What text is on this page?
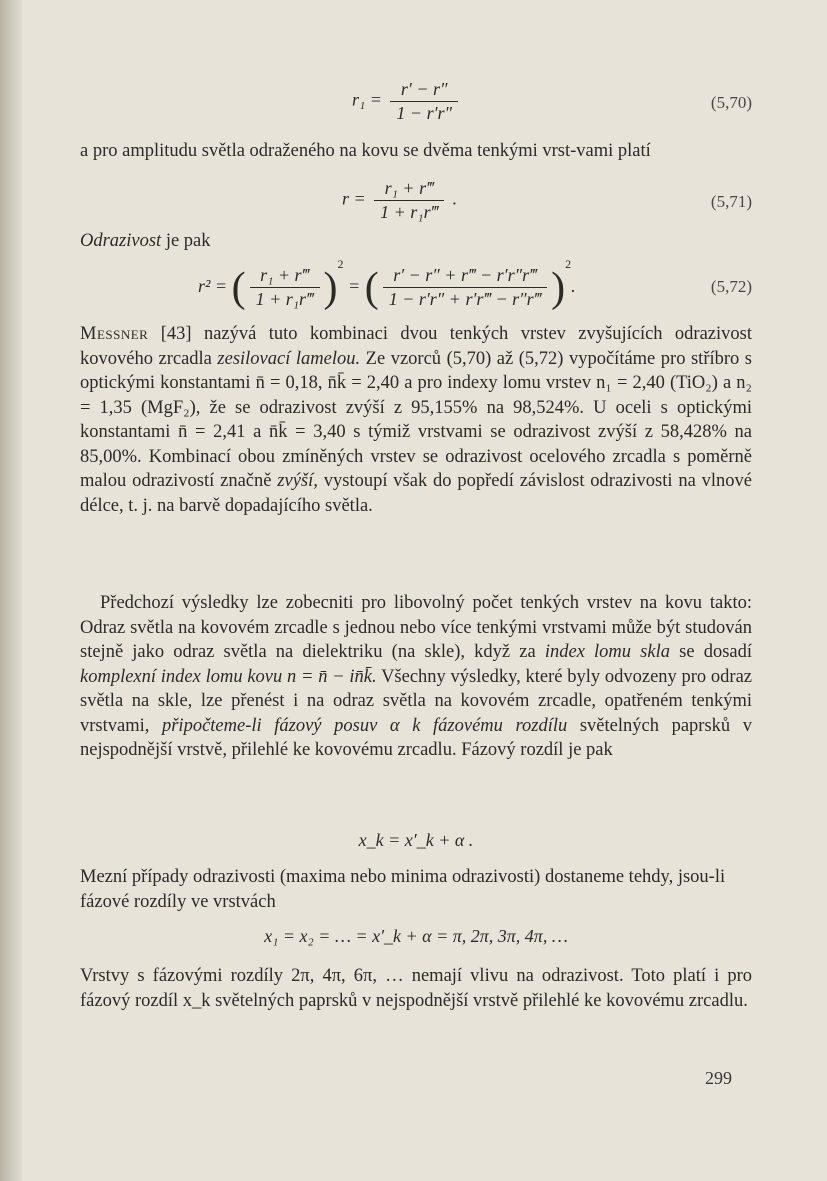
$r_1 = \frac{r' - r''}{1 - r'r''}$	(5,70)
a pro amplitudu světla odraženého na kovu se dvěma tenkými vrst-vami platí
$r = \frac{\text{r₁ + r‴}}{\text{1 + r₁r‴}}$ .	(5,71)
Odrazivost je pak
r² = ( $\frac{\text{r₁ + r‴}}{\text{1 + r₁r‴}} )^2$ = ( $\frac{r' - r'' + r‴ - r'r''r‴}{1 - r'r'' + r'r‴ - r''r‴} )^2$.	(5,72)
Messner [43] nazývá tuto kombinaci dvou tenkých vrstev zvyšujících odrazivost kovového zrcadla zesilovací lamelou. Ze vzorců (5,70) až (5,72) vypočítáme pro stříbro s optickými konstantami n̄ = 0,18, n̄k̄ = 2,40 a pro indexy lomu vrstev n₁ = 2,40 (TiO₂) a n₂ = 1,35 (MgF₂), že se odrazivost zvýší z 95,155% na 98,524%. U oceli s optickými konstantami n̄ = 2,41 a n̄k̄ = 3,40 s týmiž vrstvami se odrazivost zvýší z 58,428% na 85,00%. Kombinací obou zmíněných vrstev se odrazivost ocelového zrcadla s poměrně malou odrazivostí značně zvýší, vystoupí však do popředí závislost odrazivosti na vlnové délce, t. j. na barvě dopadajícího světla.
Předchozí výsledky lze zobecniti pro libovolný počet tenkých vrstev na kovu takto: Odraz světla na kovovém zrcadle s jednou nebo více tenkými vrstvami může být studován stejně jako odraz světla na dielektriku (na skle), když za index lomu skla se dosadí komplexní index lomu kovu n = n̄ − in̄k̄. Všechny výsledky, které byly odvozeny pro odraz světla na skle, lze přenést i na odraz světla na kovovém zrcadle, opatřeném tenkými vrstvami, připočteme-li fázový posuv α k fázovému rozdílu světelných paprsků v nejspodnější vrstvě, přilehlé ke kovovému zrcadlu. Fázový rozdíl je pak
x_k = x′_k + α .
Mezní případy odrazivosti (maxima nebo minima odrazivosti) dostaneme tehdy, jsou-li fázové rozdíly ve vrstvách
x₁ = x₂ = … = x′_k + α = π, 2π, 3π, 4π, …
Vrstvy s fázovými rozdíly 2π, 4π, 6π, … nemají vlivu na odrazivost. Toto platí i pro fázový rozdíl x_k světelných paprsků v nejspodnější vrstvě přilehlé ke kovovému zrcadlu.
299
